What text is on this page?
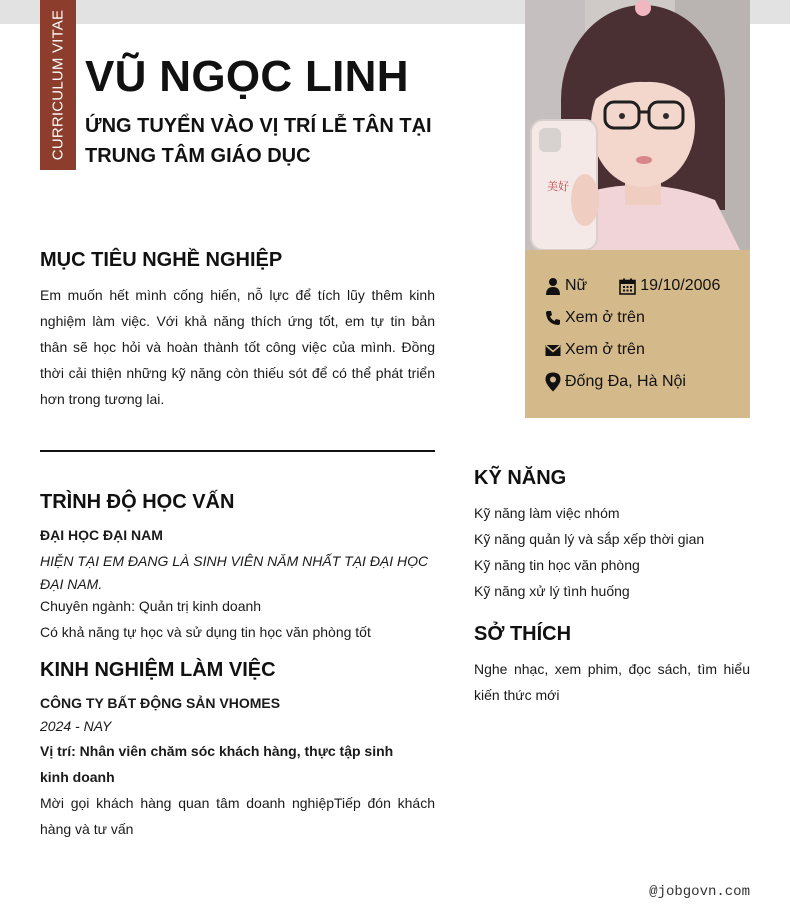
CURRICULUM VITAE VŨ NGỌC LINH
ỨNG TUYỂN VÀO VỊ TRÍ LỄ TÂN TẠI TRUNG TÂM GIÁO DỤC
美好
Nữ	19/10/2006
Xem ở trên
Xem ở trên
Đống Đa, Hà Nội
MỤC TIÊU NGHỀ NGHIỆP
Em muốn hết mình cống hiến, nỗ lực để tích lũy thêm kinh nghiệm làm việc. Với khả năng thích ứng tốt, em tự tin bản thân sẽ học hỏi và hoàn thành tốt công việc của mình. Đồng thời cải thiện những kỹ năng còn thiếu sót để có thể phát triển hơn trong tương lai.
TRÌNH ĐỘ HỌC VẤN
ĐẠI HỌC ĐẠI NAM
HIỆN TẠI EM ĐANG LÀ SINH VIÊN NĂM NHẤT TẠI ĐẠI HỌC ĐẠI NAM.
Chuyên ngành: Quản trị kinh doanh
Có khả năng tự học và sử dụng tin học văn phòng tốt
KINH NGHIỆM LÀM VIỆC
CÔNG TY BẤT ĐỘNG SẢN VHOMES
2024 - NAY
Vị trí: Nhân viên chăm sóc khách hàng, thực tập sinh kinh doanh
Mời gọi khách hàng quan tâm doanh nghiệpTiếp đón khách hàng và tư vấn
KỸ NĂNG
Kỹ năng làm việc nhóm
Kỹ năng quản lý và sắp xếp thời gian
Kỹ năng tin học văn phòng
Kỹ năng xử lý tình huống
SỞ THÍCH
Nghe nhạc, xem phim, đọc sách, tìm hiểu kiến thức mới
@jobgovn.com
